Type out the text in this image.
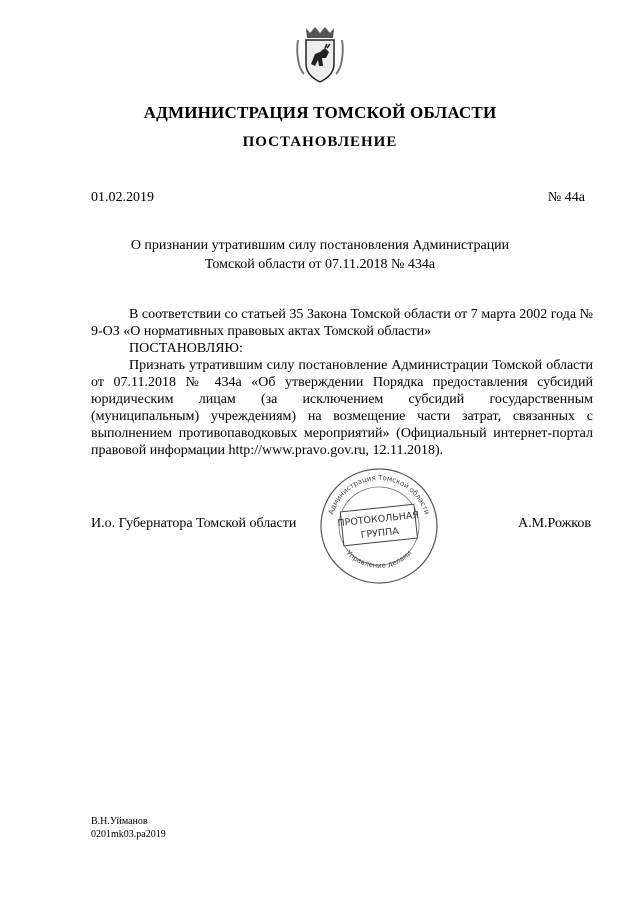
АДМИНИСТРАЦИЯ ТОМСКОЙ ОБЛАСТИ
ПОСТАНОВЛЕНИЕ
01.02.2019	№ 44а
О признании утратившим силу постановления Администрации
Томской области от 07.11.2018 № 434а

В соответствии со статьей 35 Закона Томской области от 7 марта 2002 года № 9-ОЗ «О нормативных правовых актах Томской области»

ПОСТАНОВЛЯЮ:

Признать утратившим силу постановление Администрации Томской области от 07.11.2018 № 434а «Об утверждении Порядка предоставления субсидий юридическим лицам (за исключением субсидий государственным (муниципальным) учреждениям) на возмещение части затрат, связанных с выполнением противопаводковых мероприятий» (Официальный интернет-портал правовой информации http://www.pravo.gov.ru, 12.11.2018).

И.о. Губернатора Томской области	А.М.Рожков
Администрация Томской области
Управление делами
ПРОТОКОЛЬНАЯ
ГРУППА
В.Н.Уйманов
0201mk03.pa2019
